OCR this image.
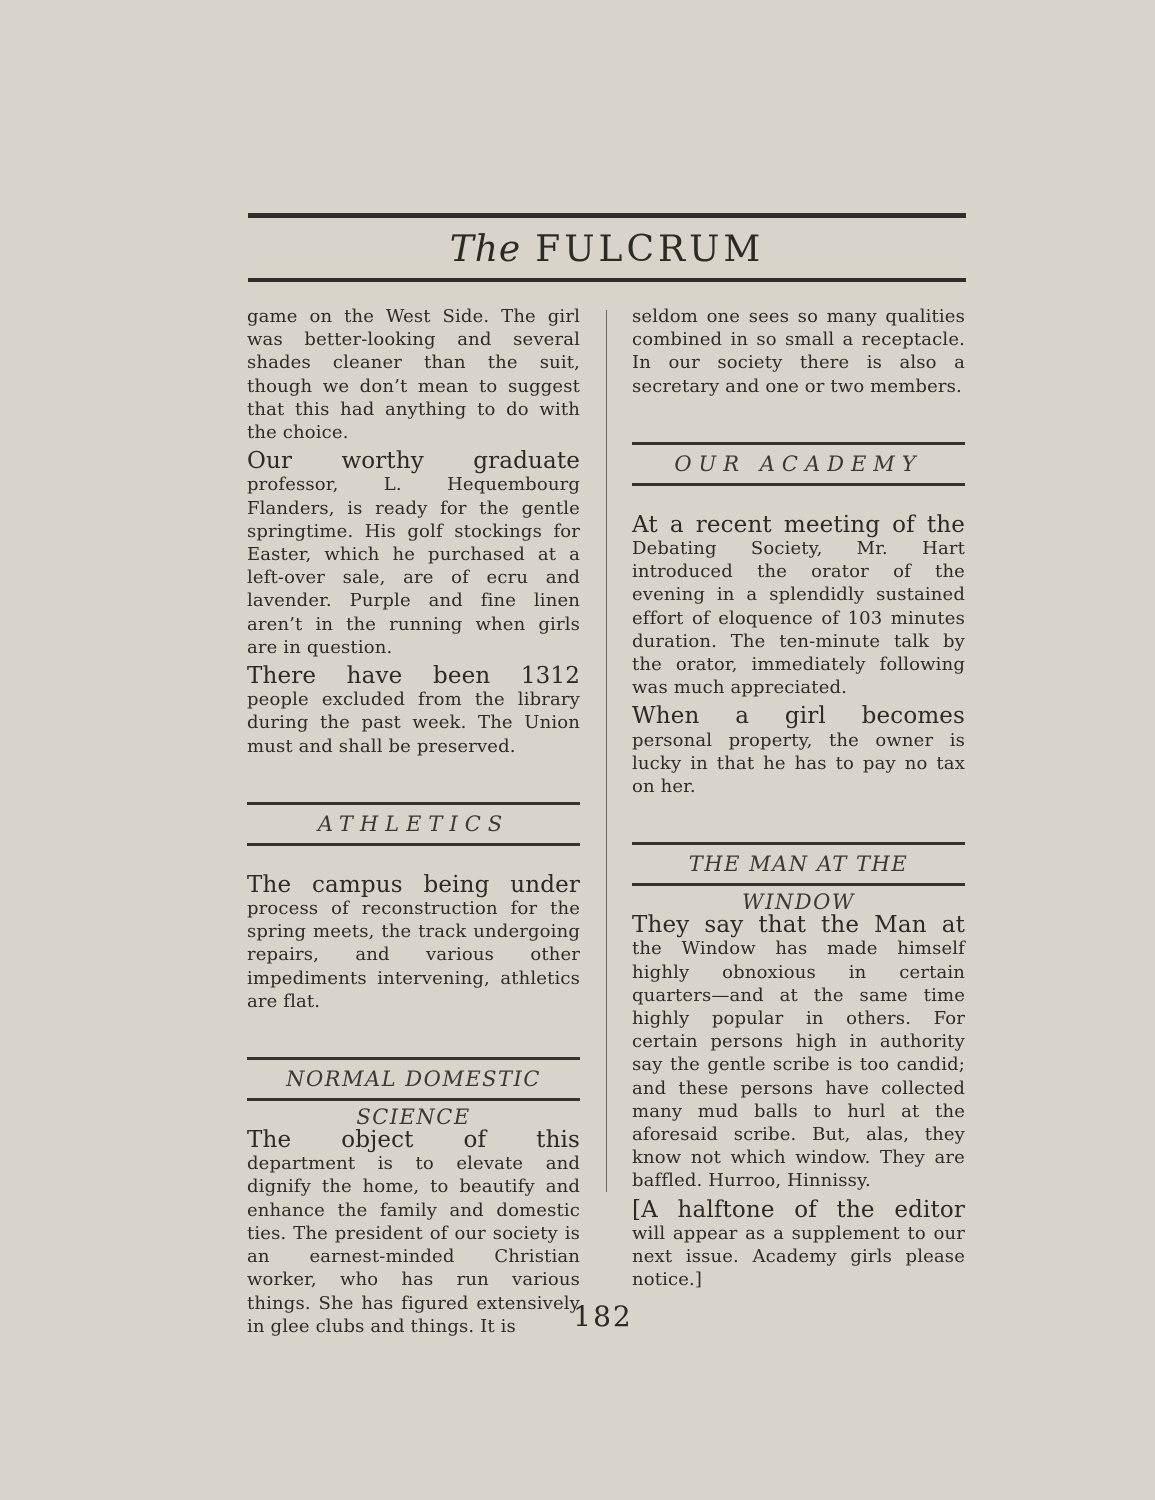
The FULCRUM

game on the West Side. The girl was better-looking and several shades cleaner than the suit, though we don’t mean to suggest that this had anything to do with the choice.

Our worthy graduate professor, L. Hequembourg Flanders, is ready for the gentle springtime. His golf stockings for Easter, which he purchased at a left-over sale, are of ecru and lavender. Purple and fine linen aren’t in the running when girls are in question.

There have been 1312 people excluded from the library during the past week. The Union must and shall be preserved.

ATHLETICS

The campus being under process of reconstruction for the spring meets, the track undergoing repairs, and various other impediments intervening, athletics are flat.

NORMAL DOMESTIC SCIENCE

The object of this department is to elevate and dignify the home, to beautify and enhance the family and domestic ties. The president of our society is an earnest-minded Christian worker, who has run various things. She has figured extensively in glee clubs and things. It is

seldom one sees so many qualities combined in so small a receptacle. In our society there is also a secretary and one or two members.

OUR ACADEMY

At a recent meeting of the Debating Society, Mr. Hart introduced the orator of the evening in a splendidly sustained effort of eloquence of 103 minutes duration. The ten-minute talk by the orator, immediately following was much appreciated.

When a girl becomes personal property, the owner is lucky in that he has to pay no tax on her.

THE MAN AT THE WINDOW

They say that the Man at the Window has made himself highly obnoxious in certain quarters—and at the same time highly popular in others. For certain persons high in authority say the gentle scribe is too candid; and these persons have collected many mud balls to hurl at the aforesaid scribe. But, alas, they know not which window. They are baffled. Hurroo, Hinnissy.

[A halftone of the editor will appear as a supplement to our next issue. Academy girls please notice.]

182
